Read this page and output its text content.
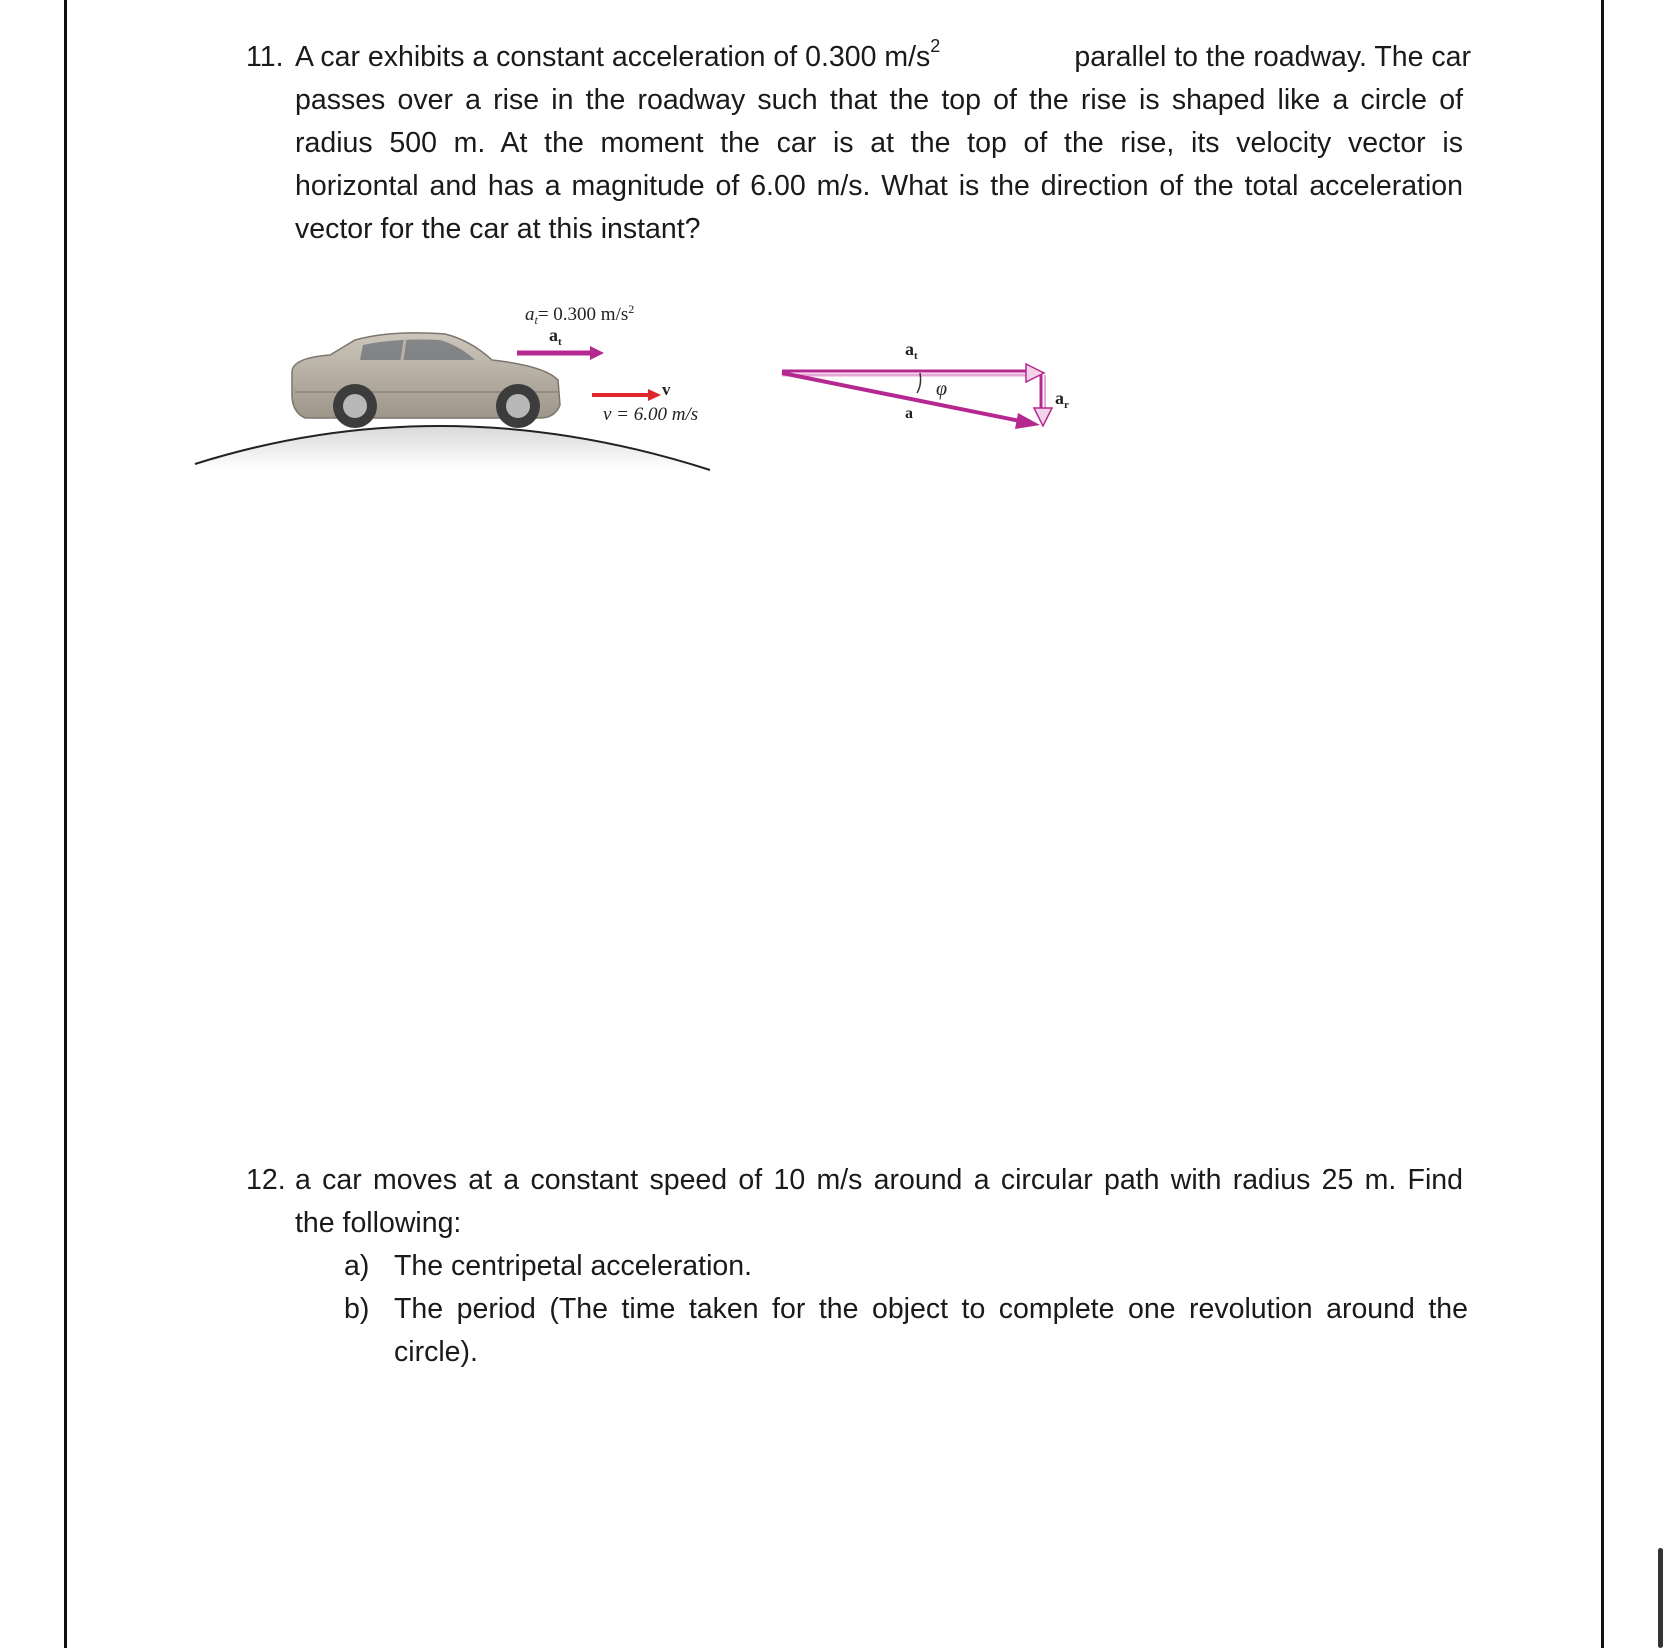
11. A car exhibits a constant acceleration of 0.300 $m/s^2$	parallel to the roadway. The car
passes over a rise in the roadway such that the top of the rise is shaped like a circle of
radius 500 m. At the moment the car is at the top of the rise, its velocity vector is
horizontal and has a magnitude of 6.00 m/s. What is the direction of the total acceleration
vector for the car at this instant?
$a_t= 0.300$ $m/s^2$
$a_t$
v
v = 6.00 m/s
$a_t$
φ	$a_r$
a
12. a car moves at a constant speed of 10 m/s around a circular path with radius 25 m. Find
the following:
a) The centripetal acceleration.
b) The period (The time taken for the object to complete one revolution around the
circle).
